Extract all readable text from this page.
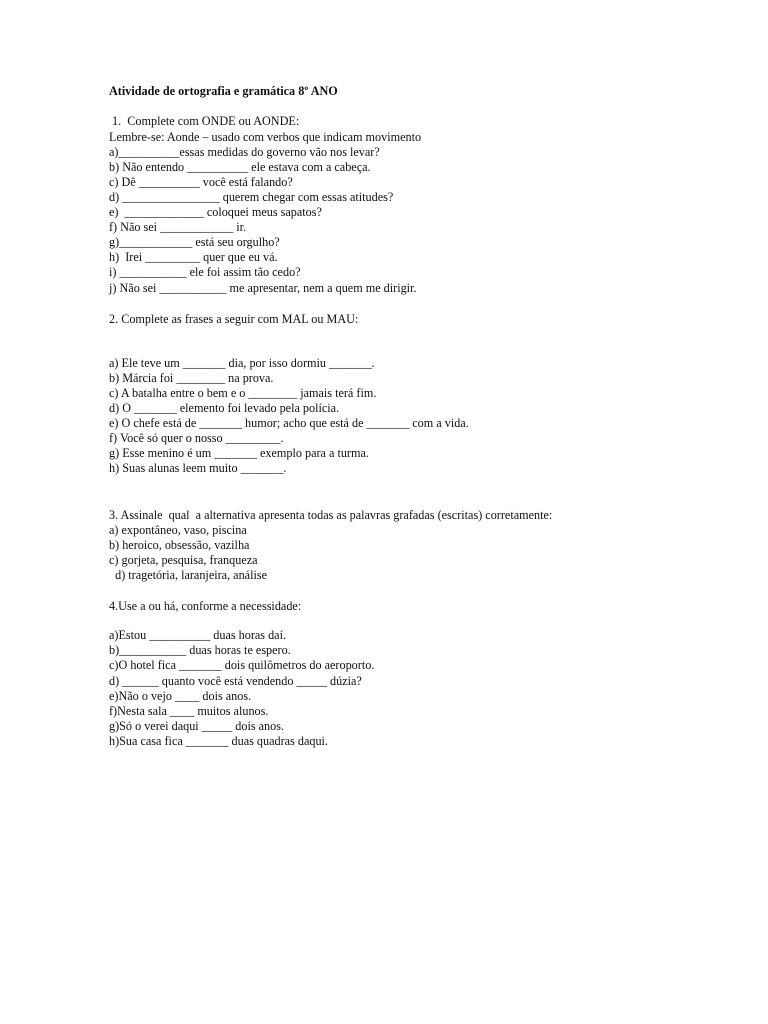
Atividade de ortografia e gramática 8º ANO
1.  Complete com ONDE ou AONDE:
Lembre-se: Aonde – usado com verbos que indicam movimento
a)__________essas medidas do governo vão nos levar?
b) Não entendo __________ ele estava com a cabeça.
c) Dê __________ você está falando?
d) ________________ querem chegar com essas atitudes?
e)  _____________ coloquei meus sapatos?
f) Não sei ____________ ir.
g)____________ está seu orgulho?
h)  Irei _________ quer que eu vá.
i) ___________ ele foi assim tão cedo?
j) Não sei ___________ me apresentar, nem a quem me dirigir.
2. Complete as frases a seguir com MAL ou MAU:
a) Ele teve um _______ dia, por isso dormiu _______.
b) Márcia foi ________ na prova.
c) A batalha entre o bem e o ________ jamais terá fim.
d) O _______ elemento foi levado pela polícia.
e) O chefe está de _______ humor; acho que está de _______ com a vida.
f) Você só quer o nosso _________.
g) Esse menino é um _______ exemplo para a turma.
h) Suas alunas leem muito _______.
3. Assinale  qual  a alternativa apresenta todas as palavras grafadas (escritas) corretamente:
a) expontâneo, vaso, piscina
b) heroico, obsessão, vazilha
c) gorjeta, pesquisa, franqueza
d) tragetória, laranjeira, análise
4.Use a ou há, conforme a necessidade:
a)Estou __________ duas horas daí.
b)___________ duas horas te espero.
c)O hotel fica _______ dois quilômetros do aeroporto.
d) ______ quanto você está vendendo _____ dúzia?
e)Não o vejo ____ dois anos.
f)Nesta sala ____ muitos alunos.
g)Só o verei daqui _____ dois anos.
h)Sua casa fica _______ duas quadras daqui.
